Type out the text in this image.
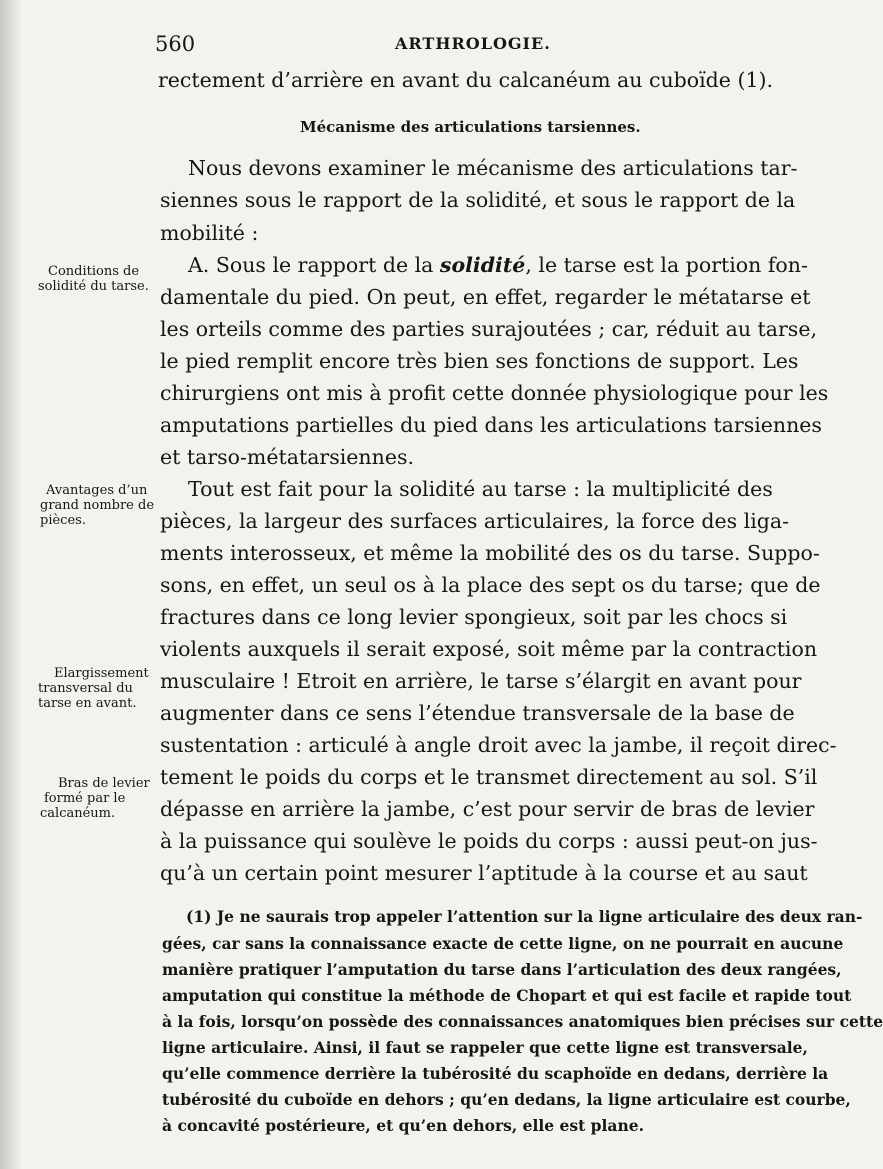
560	ARTHROLOGIE.
rectement d’arrière en avant du calcanéum au cuboïde (1).
Mécanisme des articulations tarsiennes.
Nous devons examiner le mécanisme des articulations tar-
siennes sous le rapport de la solidité, et sous le rapport de la
mobilité :
A. Sous le rapport de la solidité, le tarse est la portion fon-
damentale du pied. On peut, en effet, regarder le métatarse et
les orteils comme des parties surajoutées ; car, réduit au tarse,
le pied remplit encore très bien ses fonctions de support. Les
chirurgiens ont mis à profit cette donnée physiologique pour les
amputations partielles du pied dans les articulations tarsiennes
et tarso-métatarsiennes.
Tout est fait pour la solidité au tarse : la multiplicité des
pièces, la largeur des surfaces articulaires, la force des liga-
ments interosseux, et même la mobilité des os du tarse. Suppo-
sons, en effet, un seul os à la place des sept os du tarse; que de
fractures dans ce long levier spongieux, soit par les chocs si
violents auxquels il serait exposé, soit même par la contraction
musculaire ! Etroit en arrière, le tarse s’élargit en avant pour
augmenter dans ce sens l’étendue transversale de la base de
sustentation : articulé à angle droit avec la jambe, il reçoit direc-
tement le poids du corps et le transmet directement au sol. S’il
dépasse en arrière la jambe, c’est pour servir de bras de levier
à la puissance qui soulève le poids du corps : aussi peut-on jus-
qu’à un certain point mesurer l’aptitude à la course et au saut
Conditions de
solidité du tarse.
Avantages d’un
grand nombre de
pièces.
Elargissement
transversal du
tarse en avant.
Bras de levier
formé par le
calcanéum.
(1) Je ne saurais trop appeler l’attention sur la ligne articulaire des deux ran-
gées, car sans la connaissance exacte de cette ligne, on ne pourrait en aucune
manière pratiquer l’amputation du tarse dans l’articulation des deux rangées,
amputation qui constitue la méthode de Chopart et qui est facile et rapide tout
à la fois, lorsqu’on possède des connaissances anatomiques bien précises sur cette
ligne articulaire. Ainsi, il faut se rappeler que cette ligne est transversale,
qu’elle commence derrière la tubérosité du scaphoïde en dedans, derrière la
tubérosité du cuboïde en dehors ; qu’en dedans, la ligne articulaire est courbe,
à concavité postérieure, et qu’en dehors, elle est plane.
